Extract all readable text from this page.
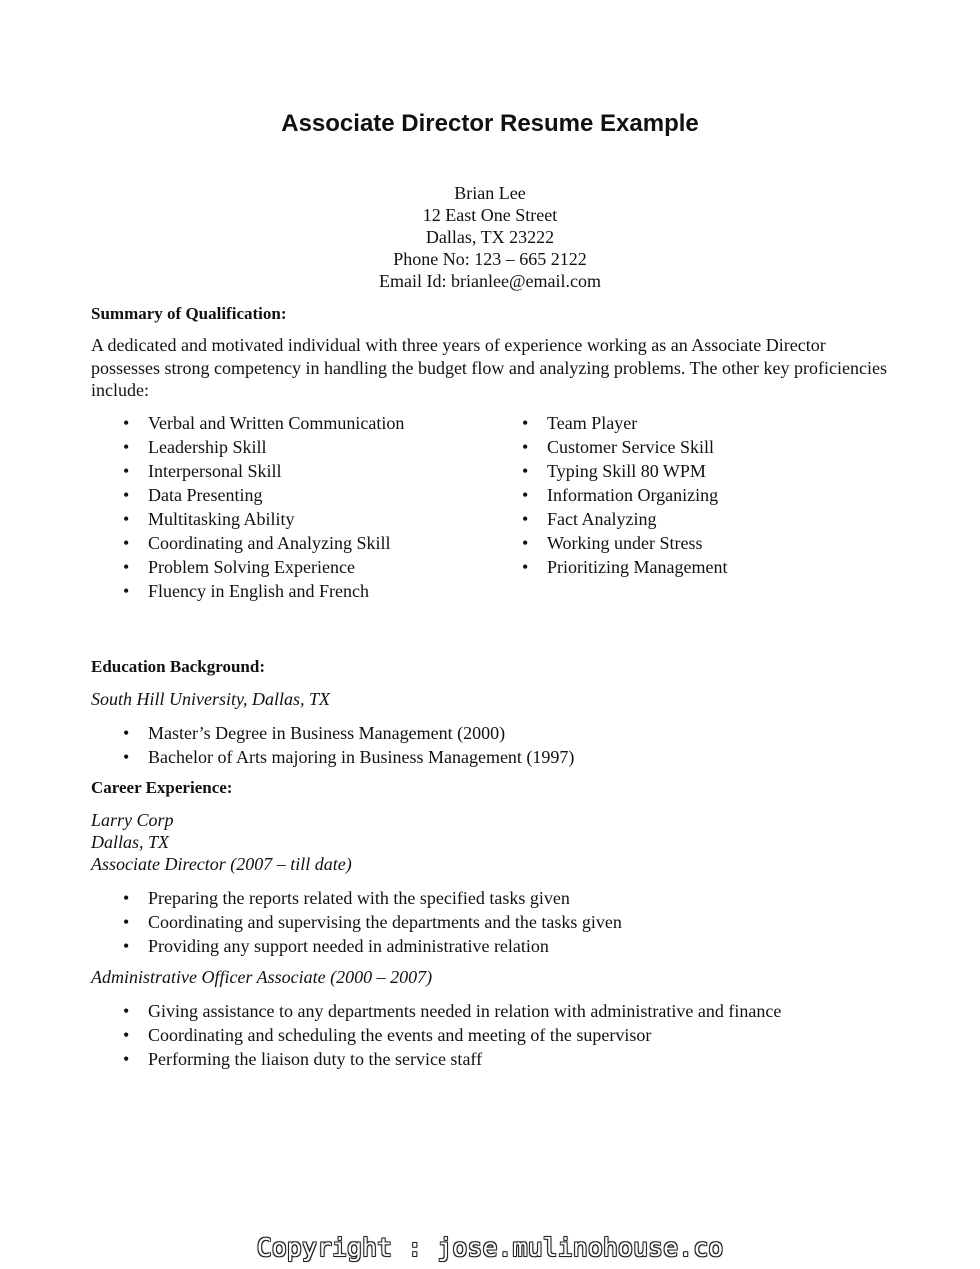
Associate Director Resume Example
Brian Lee
12 East One Street
Dallas, TX 23222
Phone No: 123 – 665 2122
Email Id: brianlee@email.com
Summary of Qualification:

A dedicated and motivated individual with three years of experience working as an Associate Director possesses strong competency in handling the budget flow and analyzing problems. The other key proficiencies include:

• Verbal and Written Communication
• Leadership Skill
• Interpersonal Skill
• Data Presenting
• Multitasking Ability
• Coordinating and Analyzing Skill
• Problem Solving Experience
• Fluency in English and French
• Team Player
• Customer Service Skill
• Typing Skill 80 WPM
• Information Organizing
• Fact Analyzing
• Working under Stress
• Prioritizing Management
Education Background:

South Hill University, Dallas, TX

• Master’s Degree in Business Management (2000)
• Bachelor of Arts majoring in Business Management (1997)
Career Experience:

Larry Corp

Dallas, TX

Associate Director (2007 – till date)

• Preparing the reports related with the specified tasks given
• Coordinating and supervising the departments and the tasks given
• Providing any support needed in administrative relation

Administrative Officer Associate (2000 – 2007)

• Giving assistance to any departments needed in relation with administrative and finance
• Coordinating and scheduling the events and meeting of the supervisor
• Performing the liaison duty to the service staff
Copyright : jose.mulinohouse.co
